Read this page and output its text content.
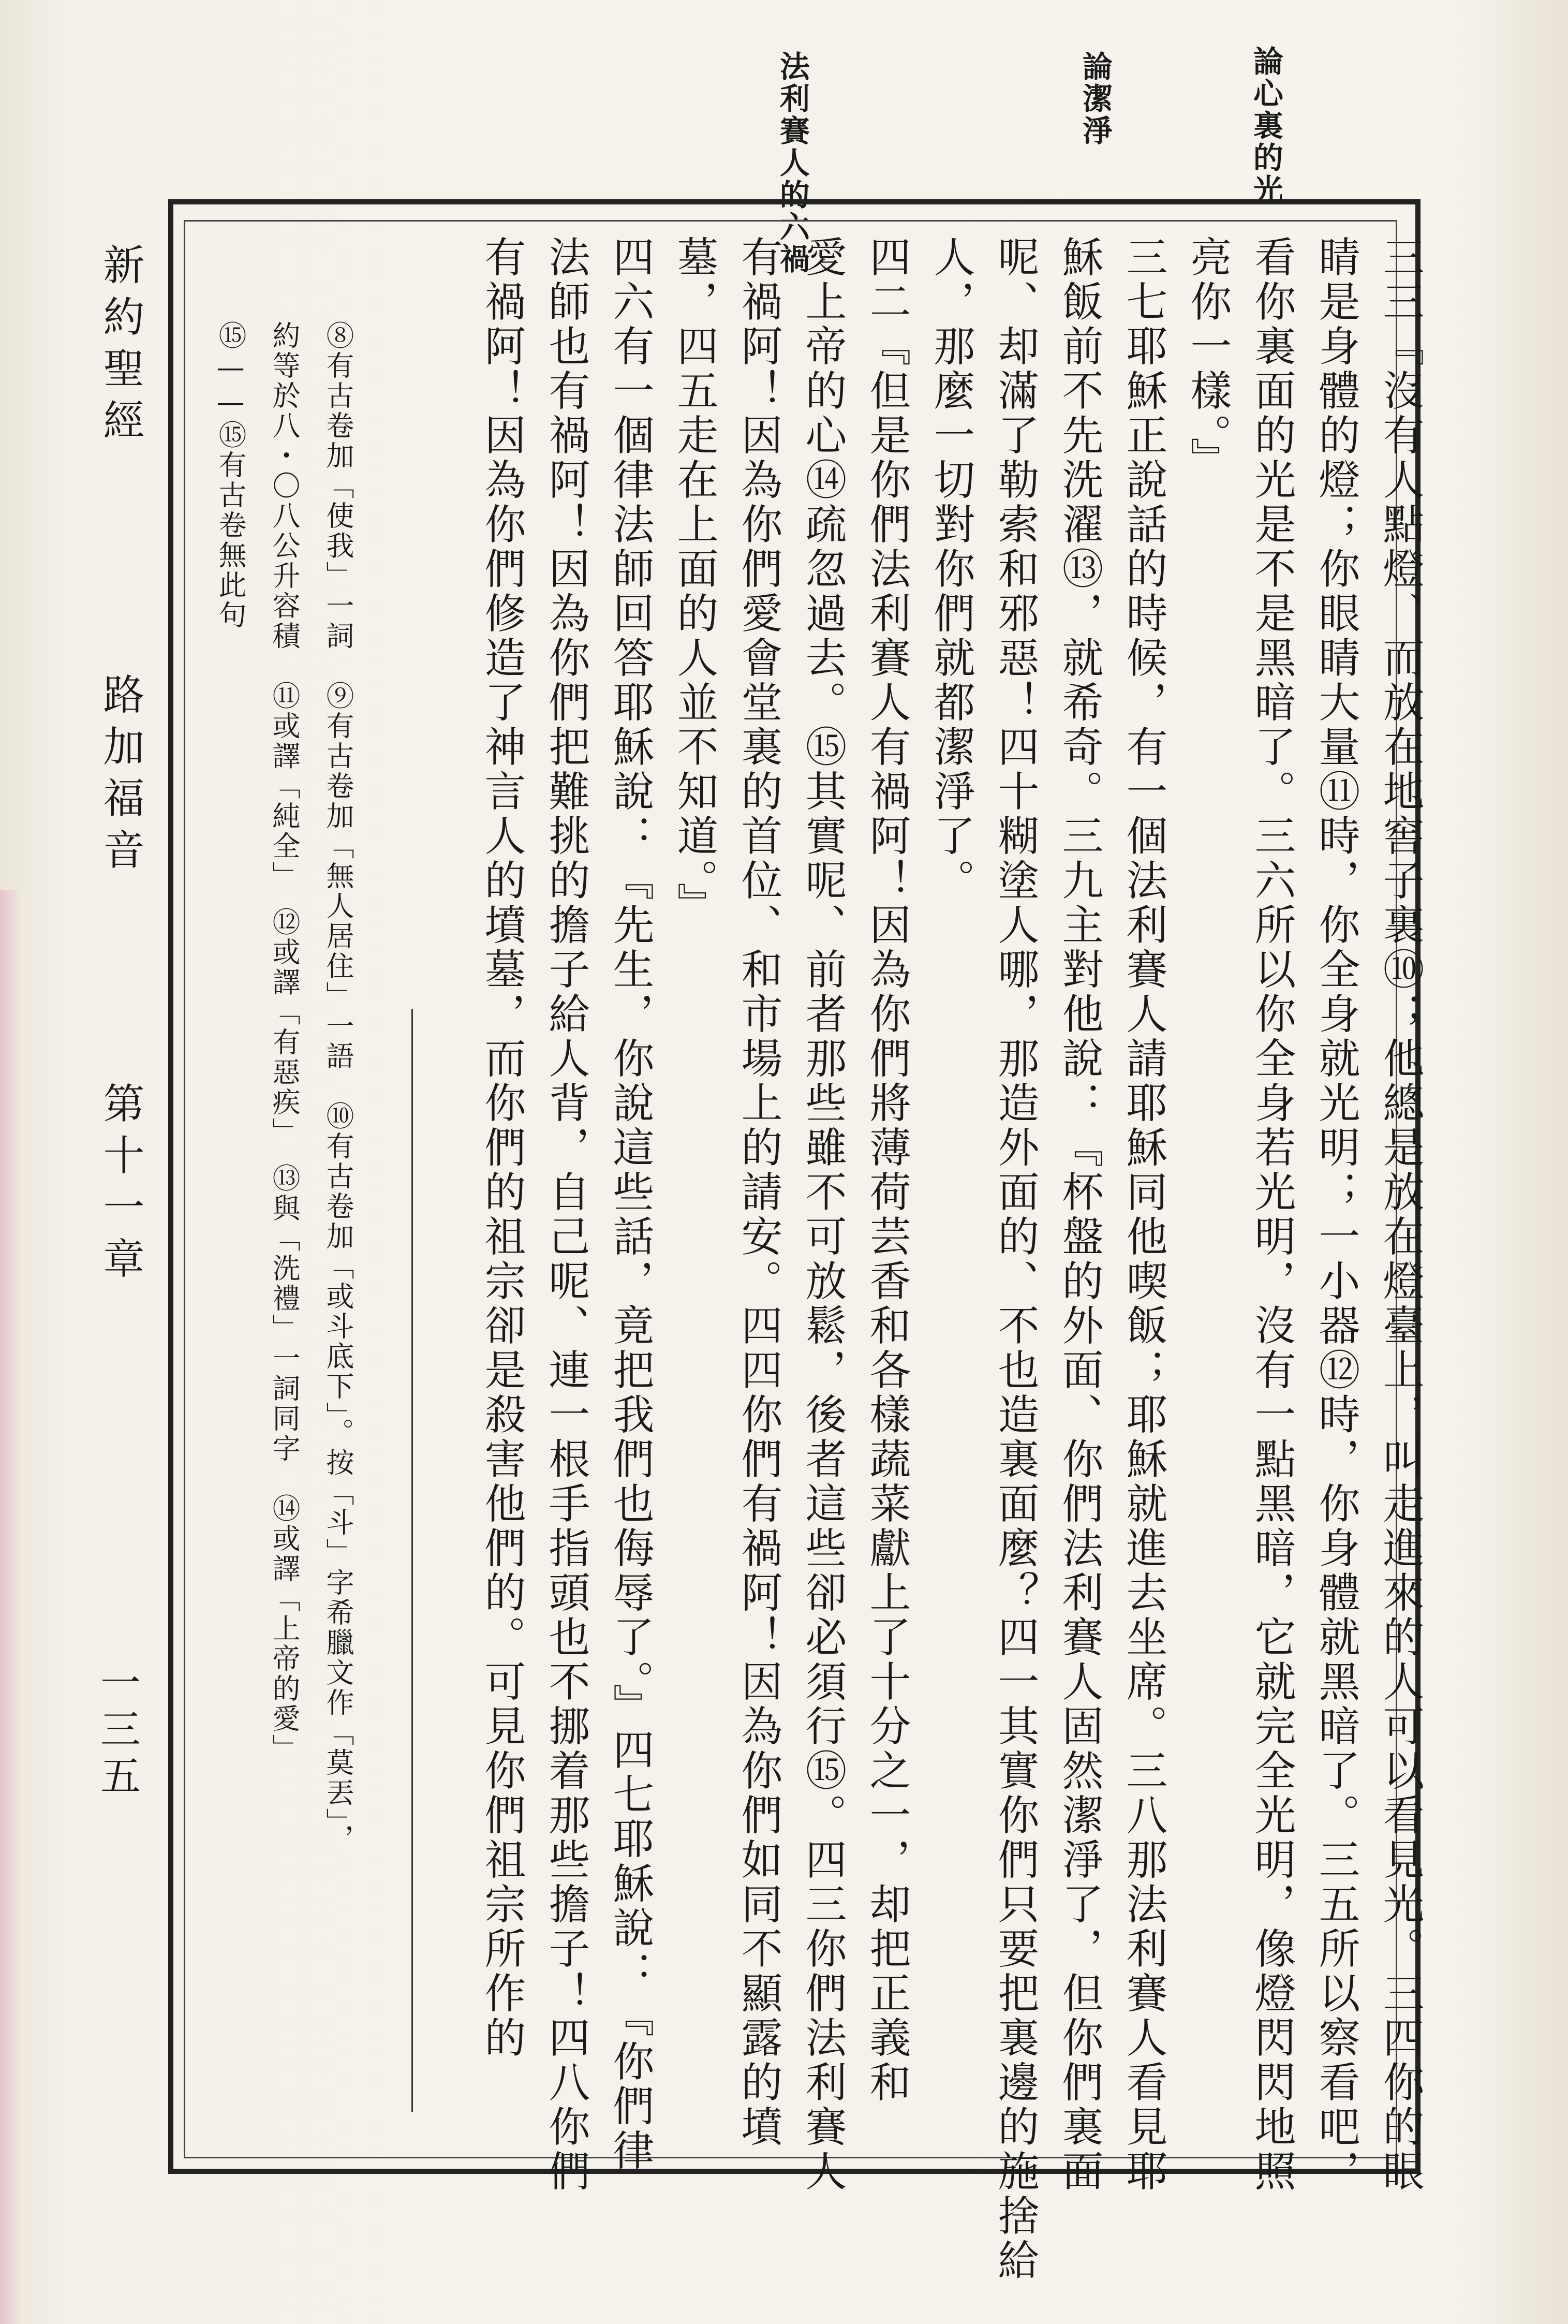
論心裏的光
論潔淨
法利賽人的六禍
新約聖經
路加福音
第十一章
一三五	三三『沒有人點燈、而放在地窖子裏⑩；他總是放在燈臺上，叫走進來的人可以看見光。三四你的眼
睛是身體的燈；你眼睛大量⑪時，你全身就光明；一小器⑫時，你身體就黑暗了。三五所以察看吧，
看你裏面的光是不是黑暗了。三六所以你全身若光明，沒有一點黑暗，它就完全光明，像燈閃閃地照
亮你一樣。』
三七耶穌正說話的時候，有一個法利賽人請耶穌同他喫飯；耶穌就進去坐席。三八那法利賽人看見耶
穌飯前不先洗濯⑬，就希奇。三九主對他說：『杯盤的外面、你們法利賽人固然潔淨了，但你們裏面
呢、却滿了勒索和邪惡！四十糊塗人哪，那造外面的、不也造裏面麼？四一其實你們只要把裏邊的施捨給
人，那麼一切對你們就都潔淨了。
四二『但是你們法利賽人有禍阿！因為你們將薄荷芸香和各樣蔬菜獻上了十分之一，却把正義和
愛上帝的心⑭疏忽過去。⑮其實呢、前者那些雖不可放鬆，後者這些卻必須行⑮。四三你們法利賽人
有禍阿！因為你們愛會堂裏的首位、和市場上的請安。四四你們有禍阿！因為你們如同不顯露的墳
墓，四五走在上面的人並不知道。』
四六有一個律法師回答耶穌說：『先生，你說這些話，竟把我們也侮辱了。』四七耶穌說：『你們律
法師也有禍阿！因為你們把難挑的擔子給人背，自己呢、連一根手指頭也不挪着那些擔子！四八你們
有禍阿！因為你們修造了神言人的墳墓，而你們的祖宗卻是殺害他們的。可見你們祖宗所作的
⑧有古卷加「使我」一詞　⑨有古卷加「無人居住」一語　⑩有古卷加「或斗底下」。按「斗」字希臘文作「莫丟」，
約等於八・〇八公升容積　⑪或譯「純全」　⑫或譯「有惡疾」　⑬與「洗禮」一詞同字　⑭或譯「上帝的愛」
⑮——⑮有古卷無此句
